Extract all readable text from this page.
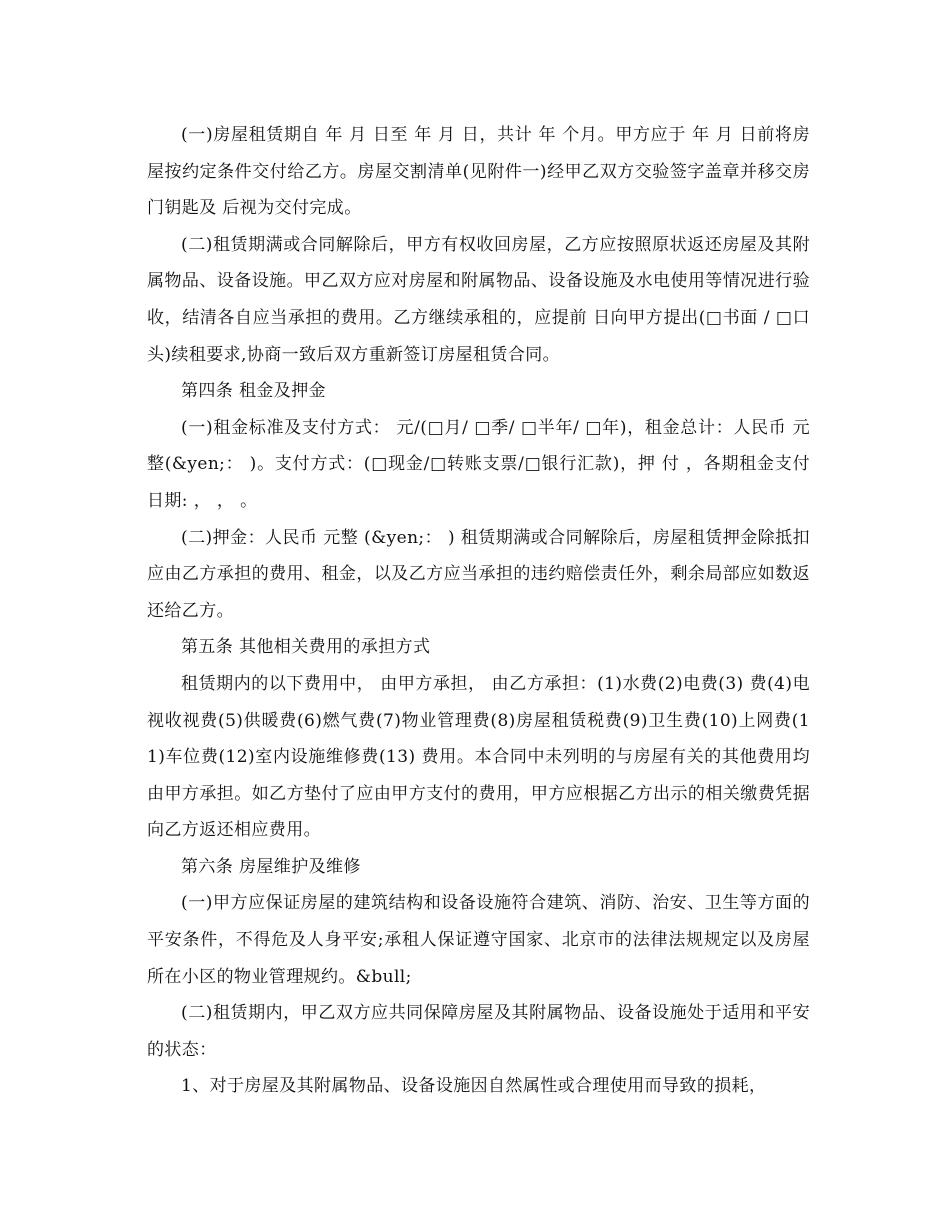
(一)房屋租赁期自 年 月 日至 年 月 日，共计 年 个月。甲方应于 年 月 日前将房屋按约定条件交付给乙方。房屋交割清单(见附件一)经甲乙双方交验签字盖章并移交房门钥匙及 后视为交付完成。

(二)租赁期满或合同解除后，甲方有权收回房屋，乙方应按照原状返还房屋及其附属物品、设备设施。甲乙双方应对房屋和附属物品、设备设施及水电使用等情况进行验收，结清各自应当承担的费用。乙方继续承租的，应提前 日向甲方提出(□书面 / □口头)续租要求,协商一致后双方重新签订房屋租赁合同。

第四条 租金及押金

(一)租金标准及支付方式： 元/(□月/ □季/ □半年/ □年)，租金总计：人民币 元整(&yen;： )。支付方式：(□现金/□转账支票/□银行汇款)，押 付 ，各期租金支付日期: ， ， 。

(二)押金：人民币 元整 (&yen;： ) 租赁期满或合同解除后，房屋租赁押金除抵扣应由乙方承担的费用、租金，以及乙方应当承担的违约赔偿责任外，剩余局部应如数返还给乙方。

第五条 其他相关费用的承担方式

租赁期内的以下费用中， 由甲方承担， 由乙方承担：(1)水费(2)电费(3) 费(4)电视收视费(5)供暖费(6)燃气费(7)物业管理费(8)房屋租赁税费(9)卫生费(10)上网费(11)车位费(12)室内设施维修费(13) 费用。本合同中未列明的与房屋有关的其他费用均由甲方承担。如乙方垫付了应由甲方支付的费用，甲方应根据乙方出示的相关缴费凭据向乙方返还相应费用。

第六条 房屋维护及维修

(一)甲方应保证房屋的建筑结构和设备设施符合建筑、消防、治安、卫生等方面的平安条件，不得危及人身平安;承租人保证遵守国家、北京市的法律法规规定以及房屋所在小区的物业管理规约。&bull;

(二)租赁期内，甲乙双方应共同保障房屋及其附属物品、设备设施处于适用和平安的状态：

1、对于房屋及其附属物品、设备设施因自然属性或合理使用而导致的损耗，
